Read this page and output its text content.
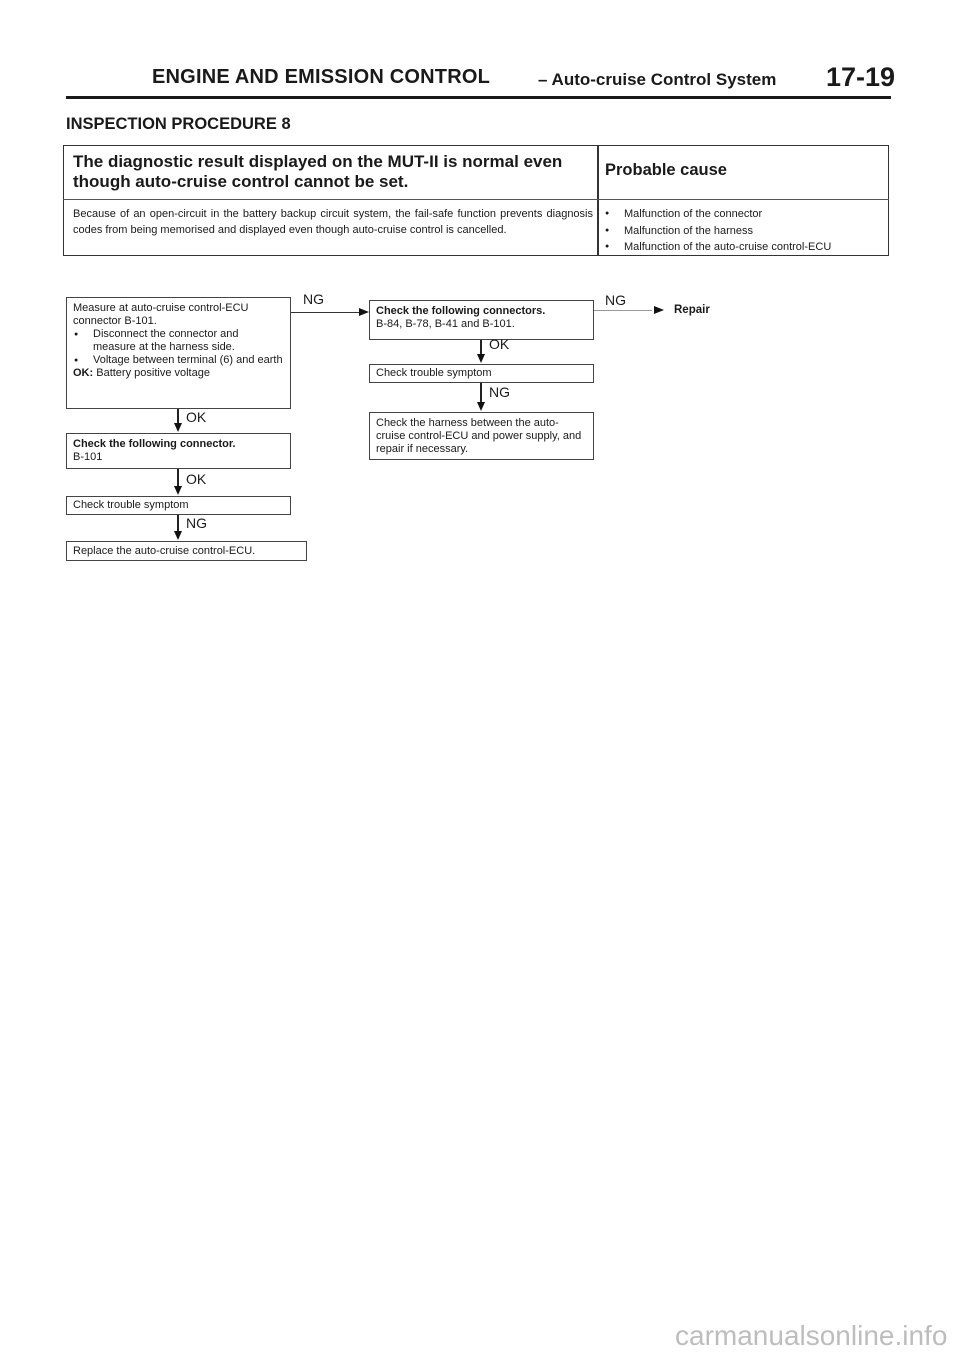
ENGINE AND EMISSION CONTROL	– Auto-cruise Control System 17-19
INSPECTION PROCEDURE 8
The diagnostic result displayed on the MUT-II is normal even though auto-cruise control cannot be set.
Probable cause
Because of an open-circuit in the battery backup circuit system, the fail-safe function prevents diagnosis codes from being memorised and displayed even though auto-cruise control is cancelled.
● Malfunction of the connector
● Malfunction of the harness
● Malfunction of the auto-cruise control-ECU
Measure at auto-cruise control-ECU
connector B-101.
● Disconnect the connector and measure at the harness side.
● Voltage between terminal (6) and earth
OK: Battery positive voltage
NG
OK
Check the following connector.
B-101
OK
Check trouble symptom
NG
Replace the auto-cruise control-ECU.
Check the following connectors.
B-84, B-78, B-41 and B-101.
NG
Repair
OK
Check trouble symptom
NG
Check the harness between the auto-cruise control-ECU and power supply, and repair if necessary.
carmanualsonline.info
